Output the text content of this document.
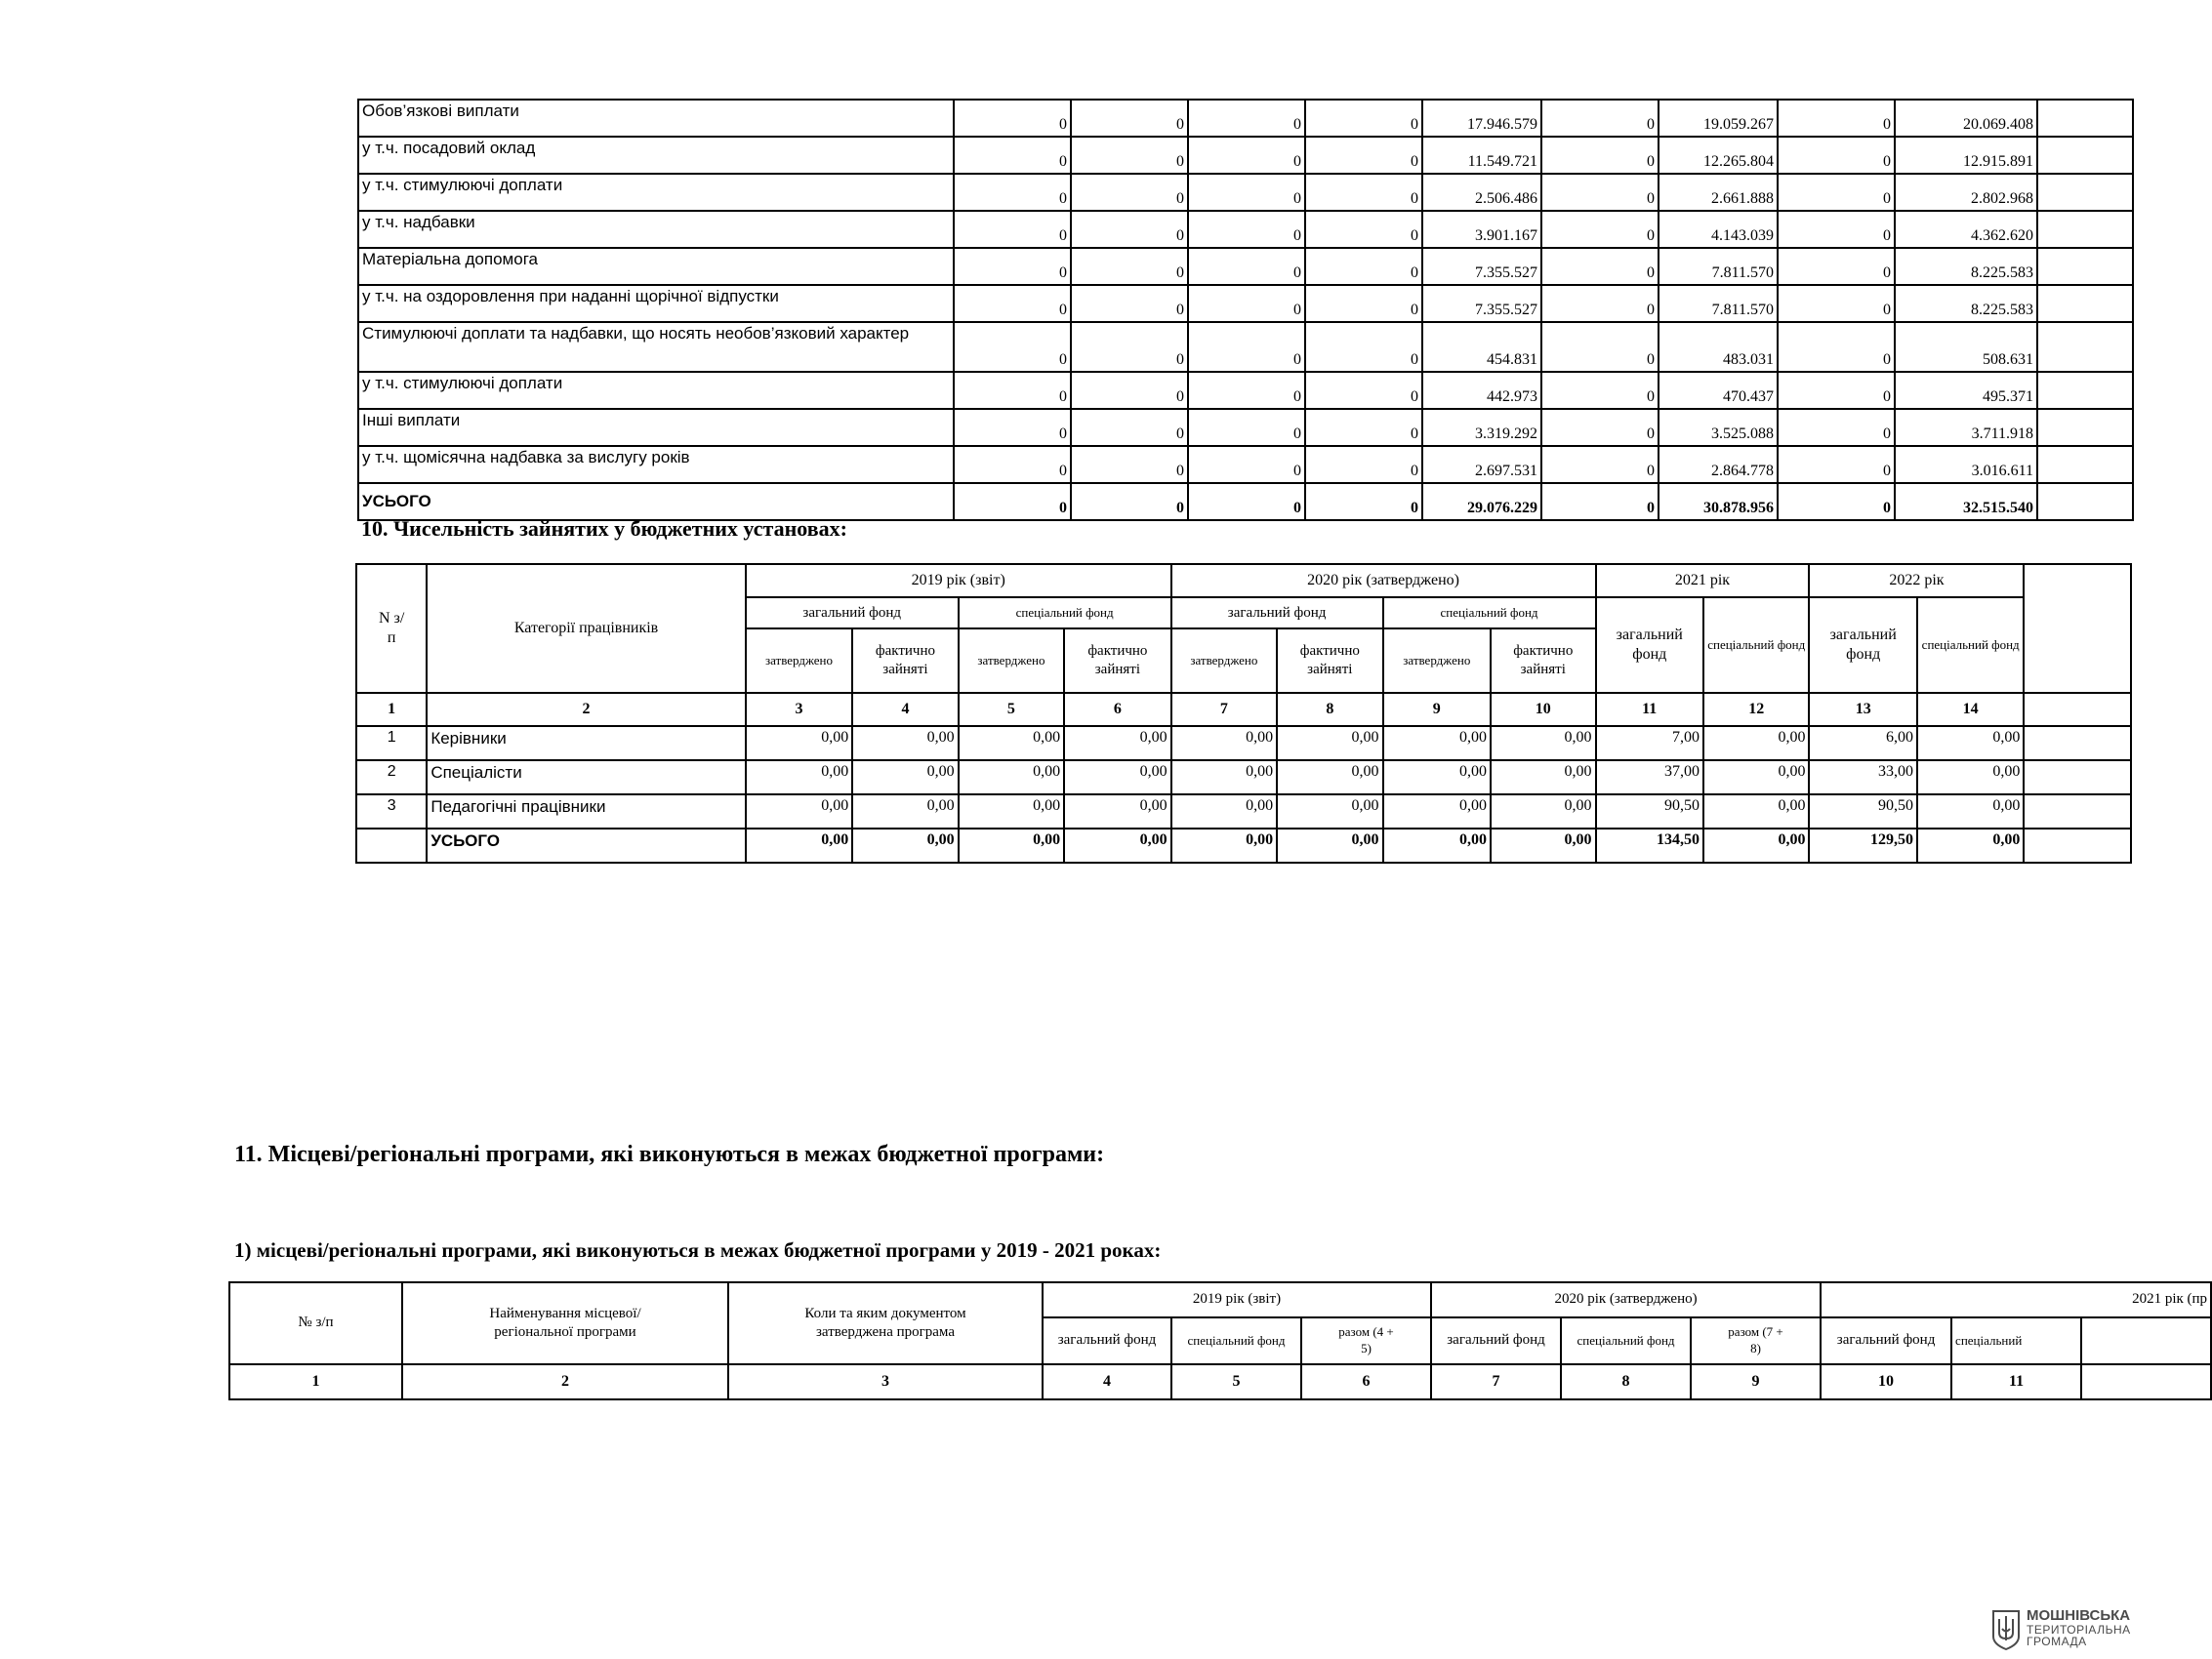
Обов’язкові виплати	0	0	0	0	17.946.579	0	19.059.267	0	20.069.408	
у т.ч. посадовий оклад	0	0	0	0	11.549.721	0	12.265.804	0	12.915.891	
у т.ч. стимулюючі доплати	0	0	0	0	2.506.486	0	2.661.888	0	2.802.968	
у т.ч. надбавки	0	0	0	0	3.901.167	0	4.143.039	0	4.362.620	
Матеріальна допомога	0	0	0	0	7.355.527	0	7.811.570	0	8.225.583	
у т.ч. на оздоровлення при наданні щорічної відпустки	0	0	0	0	7.355.527	0	7.811.570	0	8.225.583	
Стимулюючі доплати та надбавки, що носять необов’язковий характер	0	0	0	0	454.831	0	483.031	0	508.631	
у т.ч. стимулюючі доплати	0	0	0	0	442.973	0	470.437	0	495.371	
Інші виплати	0	0	0	0	3.319.292	0	3.525.088	0	3.711.918	
у т.ч. щомісячна надбавка за вислугу років	0	0	0	0	2.697.531	0	2.864.778	0	3.016.611	
УСЬОГО	0	0	0	0	29.076.229	0	30.878.956	0	32.515.540	
10. Чисельність зайнятих у бюджетних установах:
N з/п	Категорії працівників	2019 рік (звіт)				2020 рік (затверджено)				2021 рік		2022 рік		
		загальний фонд		спеціальний фонд		загальний фонд		спеціальний фонд		загальний фонд	спеціальний фонд	загальний фонд	спеціальний фонд	
		затверджено	фактично зайняті	затверджено	фактично зайняті	затверджено	фактично зайняті	затверджено	фактично зайняті					
1	2	3	4	5	6	7	8	9	10	11	12	13	14	
1	Керівники	0,00	0,00	0,00	0,00	0,00	0,00	0,00	0,00	7,00	0,00	6,00	0,00	
2	Спеціалісти	0,00	0,00	0,00	0,00	0,00	0,00	0,00	0,00	37,00	0,00	33,00	0,00	
3	Педагогічні працівники	0,00	0,00	0,00	0,00	0,00	0,00	0,00	0,00	90,50	0,00	90,50	0,00	
	УСЬОГО	0,00	0,00	0,00	0,00	0,00	0,00	0,00	0,00	134,50	0,00	129,50	0,00	
11. Місцеві/регіональні програми, які виконуються в межах бюджетної програми:
1) місцеві/регіональні програми, які виконуються в межах бюджетної програми у 2019 - 2021 роках:
№ з/п	Найменування місцевої/регіональної програми	Коли та яким документом затверджена програма	2019 рік (звіт)			2020 рік (затверджено)			2021 рік (пр		
			загальний фонд	спеціальний фонд	разом (4 + 5)	загальний фонд	спеціальний фонд	разом (7 + 8)	загальний фонд	спеціальний	
1	2	3	4	5	6	7	8	9	10	11	
МОШНІВСЬКА
ТЕРИТОРІАЛЬНА
ГРОМАДА
